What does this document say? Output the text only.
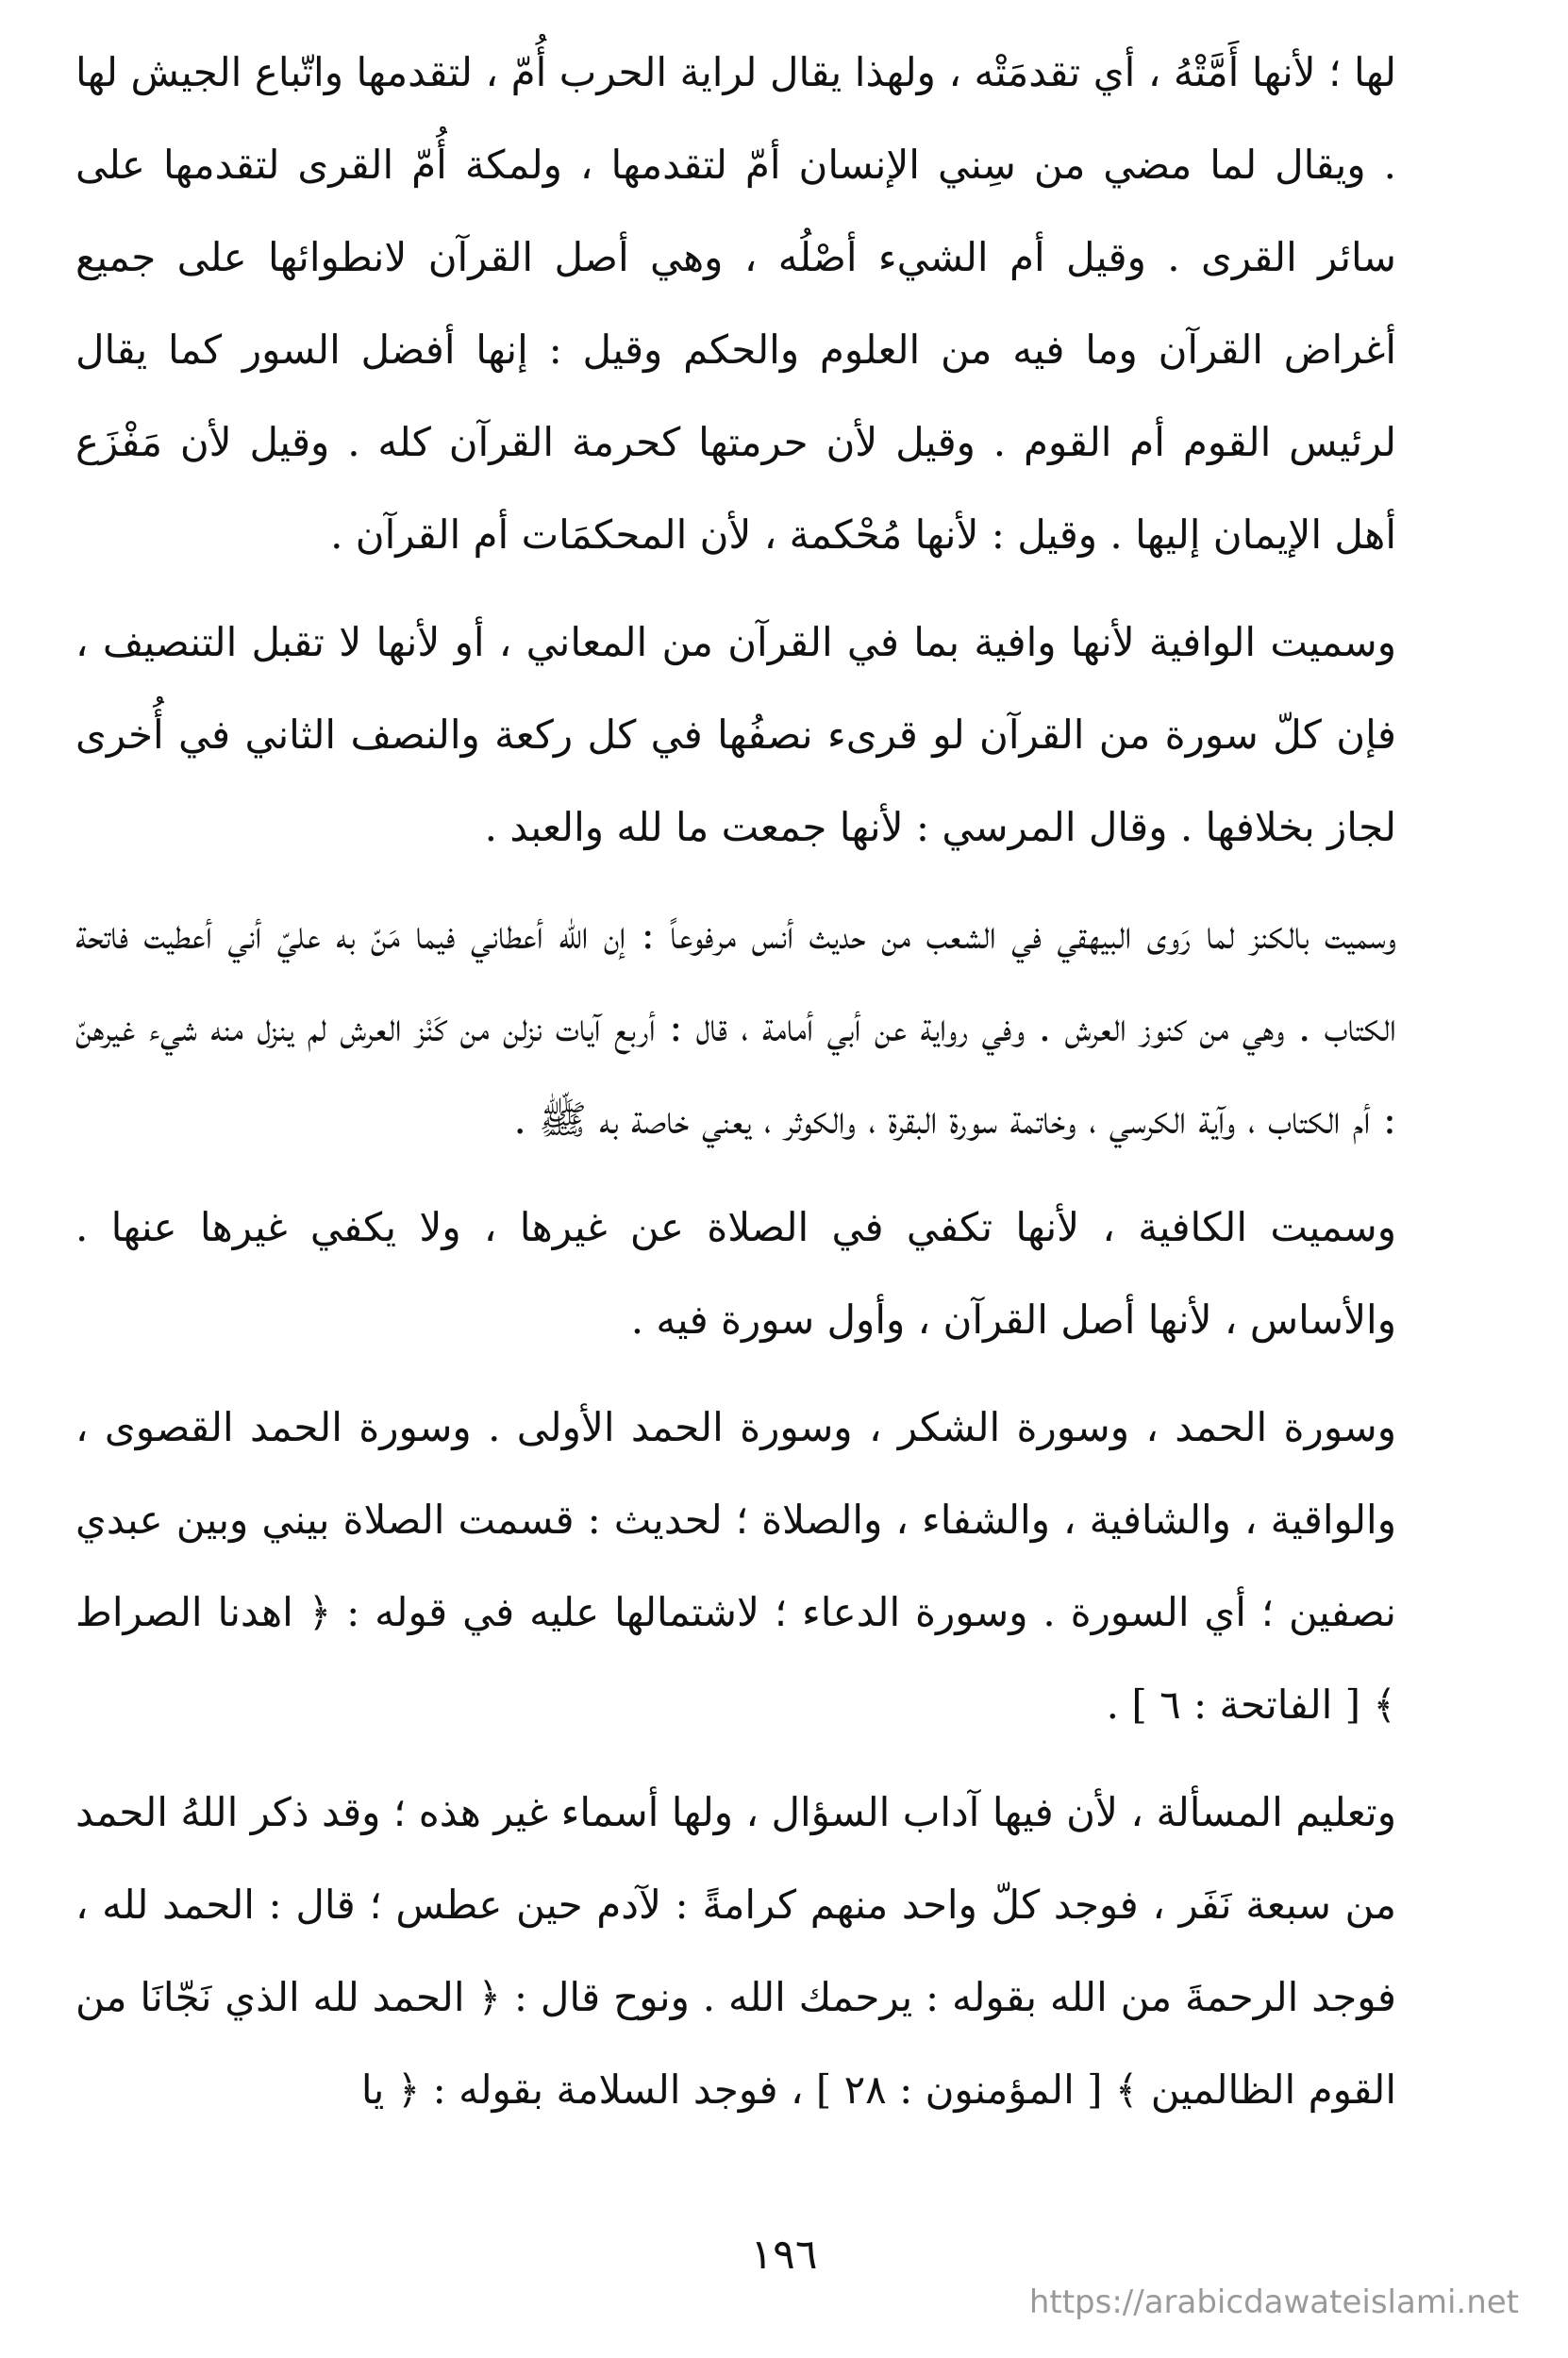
لها ؛ لأنها أَمَّتْهُ ، أي تقدمَتْه ، ولهذا يقال لراية الحرب أُمّ ، لتقدمها واتّباع الجيش لها . ويقال لما مضي من سِني الإنسان أمّ لتقدمها ، ولمكة أُمّ القرى لتقدمها على سائر القرى . وقيل أم الشيء أصْلُه ، وهي أصل القرآن لانطوائها على جميع أغراض القرآن وما فيه من العلوم والحكم وقيل : إنها أفضل السور كما يقال لرئيس القوم أم القوم . وقيل لأن حرمتها كحرمة القرآن كله . وقيل لأن مَفْزَع أهل الإيمان إليها . وقيل : لأنها مُحْكمة ، لأن المحكمَات أم القرآن .

وسميت الوافية لأنها وافية بما في القرآن من المعاني ، أو لأنها لا تقبل التنصيف ، فإن كلّ سورة من القرآن لو قرىء نصفُها في كل ركعة والنصف الثاني في أُخرى لجاز بخلافها . وقال المرسي : لأنها جمعت ما لله والعبد .

وسميت بالكنز لما رَوى البيهقي في الشعب من حديث أنس مرفوعاً : إن الله أعطاني فيما مَنّ به عليّ أني أعطيت فاتحة الكتاب . وهي من كنوز العرش . وفي رواية عن أبي أمامة ، قال : أربع آيات نزلن من كَنْز العرش لم ينزل منه شيء غيرهنّ : أم الكتاب ، وآية الكرسي ، وخاتمة سورة البقرة ، والكوثر ، يعني خاصة به ﷺ .

وسميت الكافية ، لأنها تكفي في الصلاة عن غيرها ، ولا يكفي غيرها عنها . والأساس ، لأنها أصل القرآن ، وأول سورة فيه .

وسورة الحمد ، وسورة الشكر ، وسورة الحمد الأولى . وسورة الحمد القصوى ، والواقية ، والشافية ، والشفاء ، والصلاة ؛ لحديث : قسمت الصلاة بيني وبين عبدي نصفين ؛ أي السورة . وسورة الدعاء ؛ لاشتمالها عليه في قوله : ﴿ اهدنا الصراط ﴾ [ الفاتحة : ٦ ] .

وتعليم المسألة ، لأن فيها آداب السؤال ، ولها أسماء غير هذه ؛ وقد ذكر اللهُ الحمد من سبعة نَفَر ، فوجد كلّ واحد منهم كرامةً : لآدم حين عطس ؛ قال : الحمد لله ، فوجد الرحمةَ من الله بقوله : يرحمك الله . ونوح قال : ﴿ الحمد لله الذي نَجّانَا من القوم الظالمين ﴾ [ المؤمنون : ٢٨ ] ، فوجد السلامة بقوله : ﴿ يا

١٩٦
https://arabicdawateislami.net
